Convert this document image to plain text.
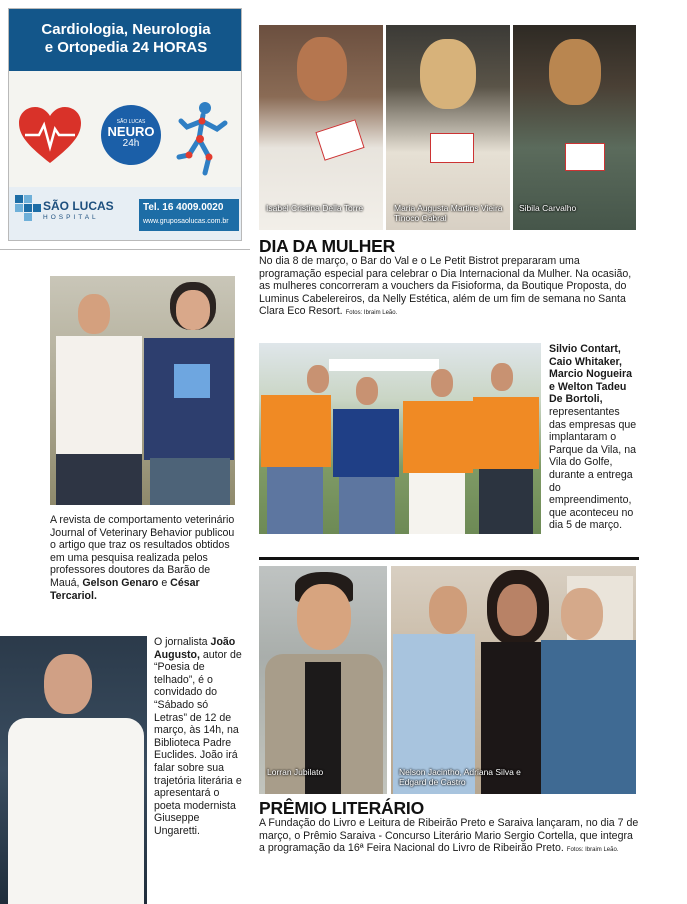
Cardiologia, Neurologia
e Ortopedia 24 HORAS
SÃO LUCAS
NEURO
24h
SÃO LUCAS
HOSPITAL
Tel. 16 4009.0020
www.gruposaolucas.com.br
Isabel Cristina Della Torre	Maria Augusta Martins Vieira Tinoco Cabral
Sibila Carvalho
DIA DA MULHER
No dia 8 de março, o Bar do Val e o Le Petit Bistrot prepararam uma programação especial para celebrar o Dia Internacional da Mulher. Na ocasião, as mulheres concorreram a vouchers da Fisioforma, da Boutique Proposta, do Luminus Cabelereiros, da Nelly Estética, além de um fim de semana no Santa Clara Eco Resort. Fotos: Ibraim Leão.
A revista de comportamento veterinário Journal of Veterinary Behavior publicou o artigo que traz os resultados obtidos em uma pesquisa realizada pelos professores doutores da Barão de Mauá, Gelson Genaro e César Tercariol.
Silvio Contart, Caio Whitaker, Marcio Nogueira e Welton Tadeu De Bortoli, representantes das empresas que implantaram o Parque da Vila, na Vila do Golfe, durante a entrega do empreendimento, que aconteceu no dia 5 de março.
O jornalista João Augusto, autor de “Poesia de telhado”, é o convidado do “Sábado só Letras” de 12 de março, às 14h, na Biblioteca Padre Euclides. João irá falar sobre sua trajetória literária e apresentará o poeta modernista Giuseppe Ungaretti.
Lorran Jubilato	Nelson Jacintho, Adriana Silva e Edgard de Castro
PRÊMIO LITERÁRIO
A Fundação do Livro e Leitura de Ribeirão Preto e Saraiva lançaram, no dia 7 de março, o Prêmio Saraiva - Concurso Literário Mario Sergio Cortella, que integra a programação da 16ª Feira Nacional do Livro de Ribeirão Preto. Fotos: Ibraim Leão.
